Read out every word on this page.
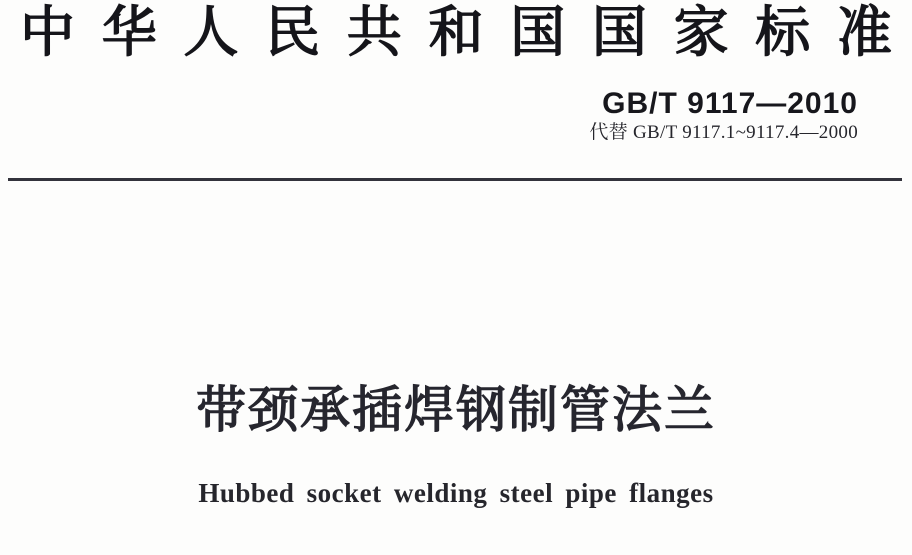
中华人民共和国国家标准
GB/T 9117—2010
代替 GB/T 9117.1~9117.4—2000
带颈承插焊钢制管法兰
Hubbed socket welding steel pipe flanges
